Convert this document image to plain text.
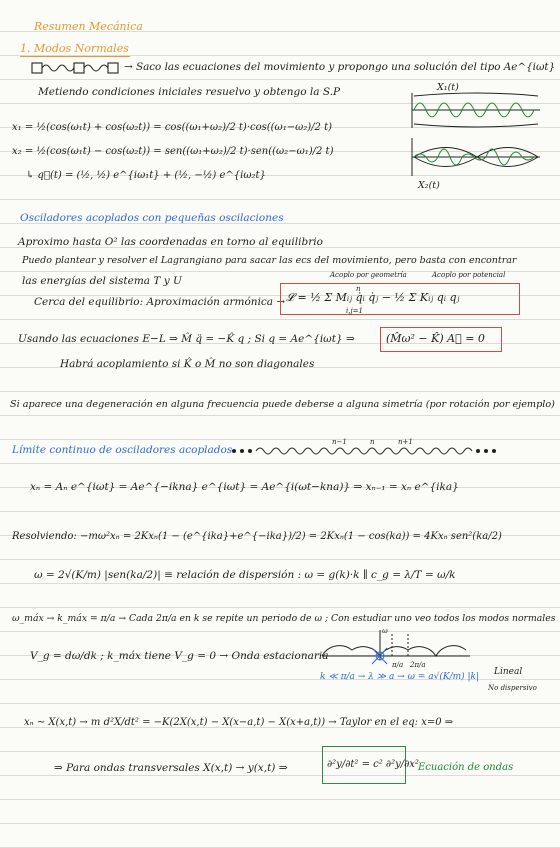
Resumen Mecánica
1. Modos Normales
→ Saco las ecuaciones del movimiento y propongo una solución del tipo Ae^{iωt}
Metiendo condiciones iniciales resuelvo y obtengo la S.P	X₁(t)
X₂(t)
x₁ = ½(cos(ω₁t) + cos(ω₂t)) = cos((ω₁+ω₂)/2 t)·cos((ω₁−ω₂)/2 t)
x₂ = ½(cos(ω₁t) − cos(ω₂t)) = sen((ω₁+ω₂)/2 t)·sen((ω₂−ω₁)/2 t)
↳ q⃗(t) = (½, ½) e^{iω₁t} + (½, −½) e^{iω₂t}
Osciladores acoplados con pequeñas oscilaciones
Aproximo hasta O² las coordenadas en torno al equilibrio
Puedo plantear y resolver el Lagrangiano para sacar las ecs del movimiento, pero basta con encontrar
las energías del sistema T y U	Acoplo por geometría	Acoplo por potencial
Cerca del equilibrio: Aproximación armónica → 𝓛 = ½ Σ Mᵢⱼ q̇ᵢ q̇ⱼ − ½ Σ Kᵢⱼ qᵢ qⱼ
n
i,j=1
Usando las ecuaciones E−L ⇒ M̂ q̈ = −K̂ q ; Si q = Ae^{iωt} ⇒	(M̂ω² − K̂) A⃗ = 0
Habrá acoplamiento si K̂ o M̂ no son diagonales
Si aparece una degeneración en alguna frecuencia puede deberse a alguna simetría (por rotación por ejemplo)
Límite continuo de osciladores acoplados
n−1	n	n+1
xₙ = Aₙ e^{iωt} = Ae^{−ikna} e^{iωt} = Ae^{i(ωt−kna)} ⇒ xₙ₋₁ = xₙ e^{ika}
Resolviendo: −mω²xₙ = 2Kxₙ(1 − (e^{ika}+e^{−ika})/2) = 2Kxₙ(1 − cos(ka)) = 4Kxₙ sen²(ka/2)
ω = 2√(K/m) |sen(ka/2)| ≡ relación de dispersión : ω = g(k)·k ∥ c_g = λ/T = ω/k
ω_máx → k_máx = π/a → Cada 2π/a en k se repite un periodo de ω ; Con estudiar uno veo todos los modos normales
V_g = dω/dk ; k_máx tiene V_g = 0 → Onda estacionaria
ω
π/a 2π/a
k ≪ π/a → λ ≫ a → ω = a√(K/m) |k| Lineal
No dispersivo
xₙ ∼ X(x,t) → m d²X/dt² = −K(2X(x,t) − X(x−a,t) − X(x+a,t)) → Taylor en el eq: x=0 ⇒
⇒ Para ondas transversales X(x,t) → y(x,t) ⇒	∂²y/∂t² = c² ∂²y/∂x² Ecuación de ondas
